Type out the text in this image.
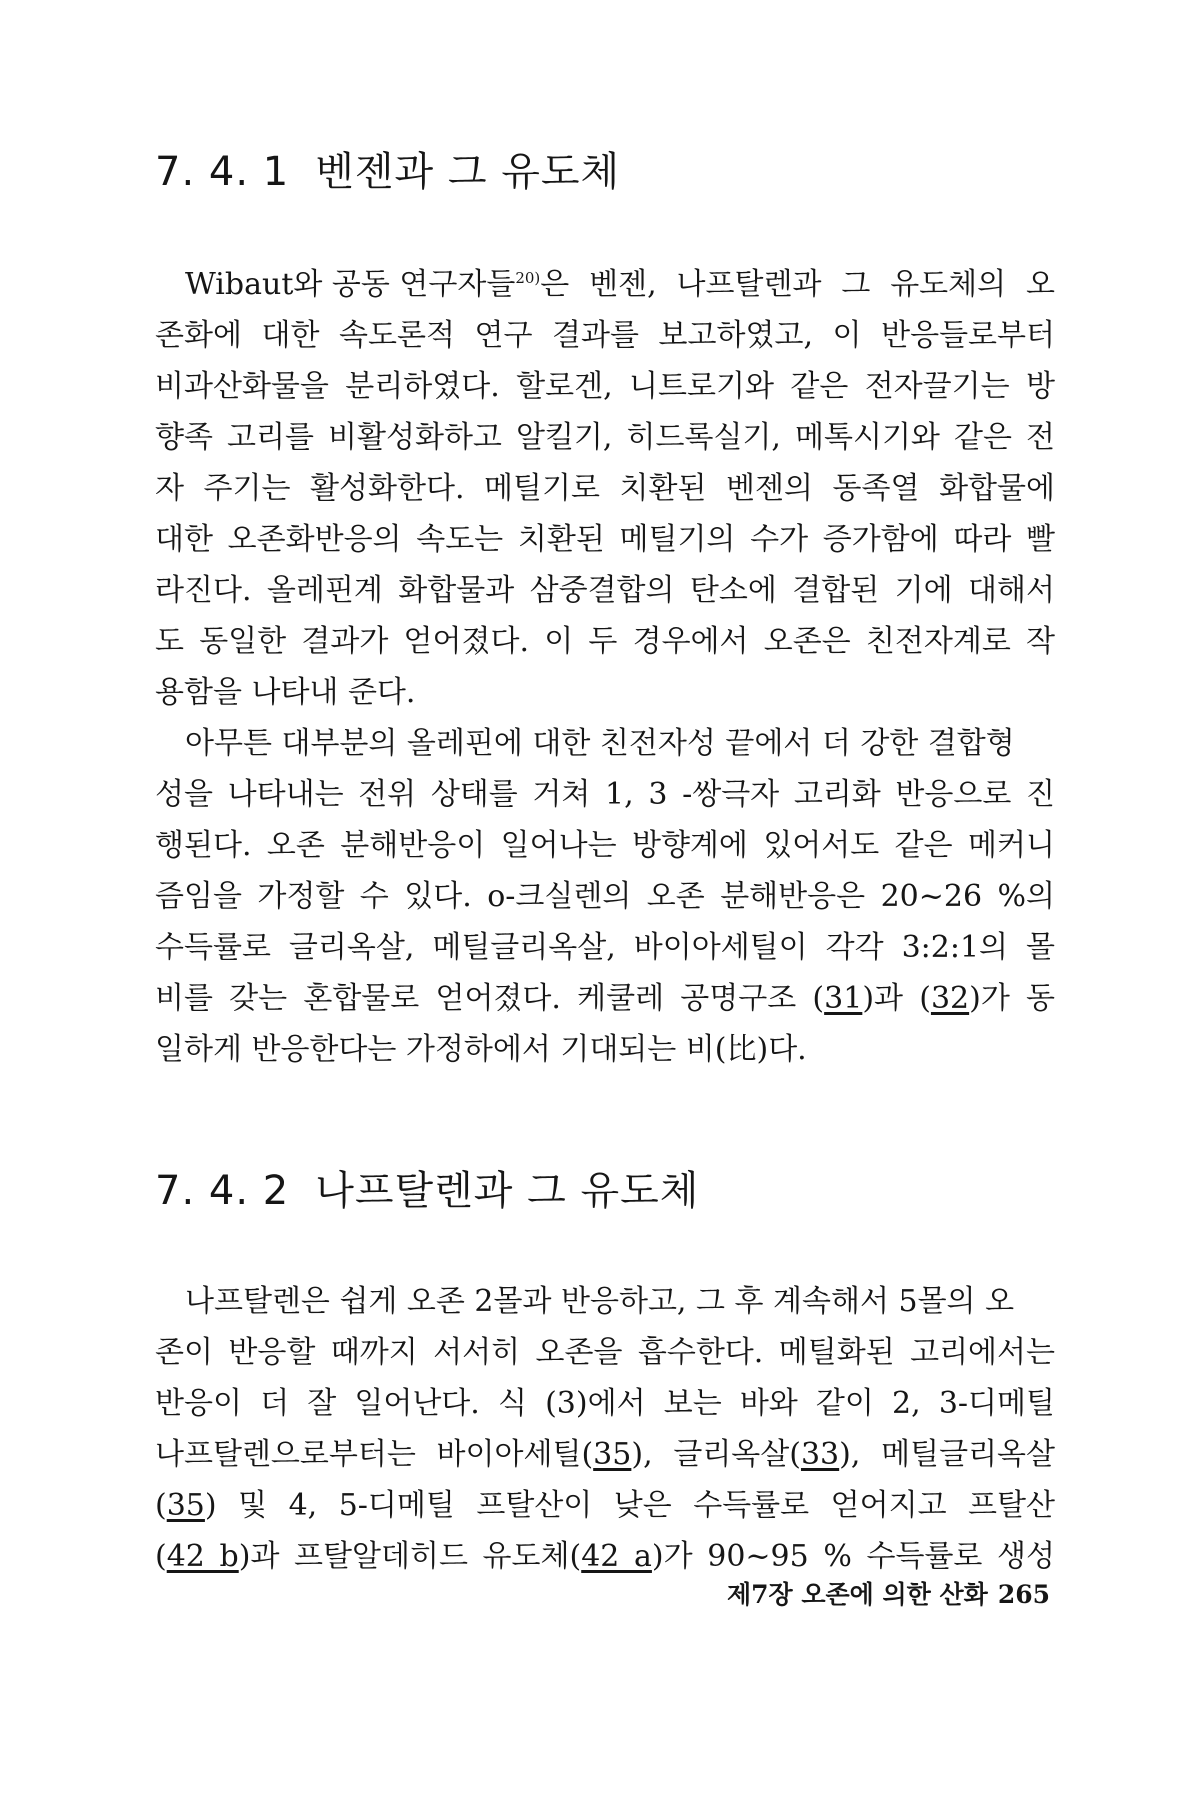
7. 4. 1 벤젠과 그 유도체
Wibaut와 공동 연구자들$^{20)}$은 벤젠, 나프탈렌과 그 유도체의 오
존화에 대한 속도론적 연구 결과를 보고하였고, 이 반응들로부터
비과산화물을 분리하였다. 할로겐, 니트로기와 같은 전자끌기는 방
향족 고리를 비활성화하고 알킬기, 히드록실기, 메톡시기와 같은 전
자 주기는 활성화한다. 메틸기로 치환된 벤젠의 동족열 화합물에
대한 오존화반응의 속도는 치환된 메틸기의 수가 증가함에 따라 빨
라진다. 올레핀계 화합물과 삼중결합의 탄소에 결합된 기에 대해서
도 동일한 결과가 얻어졌다. 이 두 경우에서 오존은 친전자계로 작
용함을 나타내 준다.
아무튼 대부분의 올레핀에 대한 친전자성 끝에서 더 강한 결합형
성을 나타내는 전위 상태를 거쳐 1, 3 -쌍극자 고리화 반응으로 진
행된다. 오존 분해반응이 일어나는 방향계에 있어서도 같은 메커니
즘임을 가정할 수 있다. o-크실렌의 오존 분해반응은 20~26 %의
수득률로 글리옥살, 메틸글리옥살, 바이아세틸이 각각 3:2:1의 몰
비를 갖는 혼합물로 얻어졌다. 케쿨레 공명구조 (31)과 (32)가 동
일하게 반응한다는 가정하에서 기대되는 비(比)다.
7. 4. 2 나프탈렌과 그 유도체
나프탈렌은 쉽게 오존 2몰과 반응하고, 그 후 계속해서 5몰의 오
존이 반응할 때까지 서서히 오존을 흡수한다. 메틸화된 고리에서는
반응이 더 잘 일어난다. 식 (3)에서 보는 바와 같이 2, 3-디메틸
나프탈렌으로부터는 바이아세틸(35), 글리옥살(33), 메틸글리옥살
(35) 및 4, 5-디메틸 프탈산이 낮은 수득률로 얻어지고 프탈산
(42 b)과 프탈알데히드 유도체(42 a)가 90~95 % 수득률로 생성
제7장 오존에 의한 산화 265
